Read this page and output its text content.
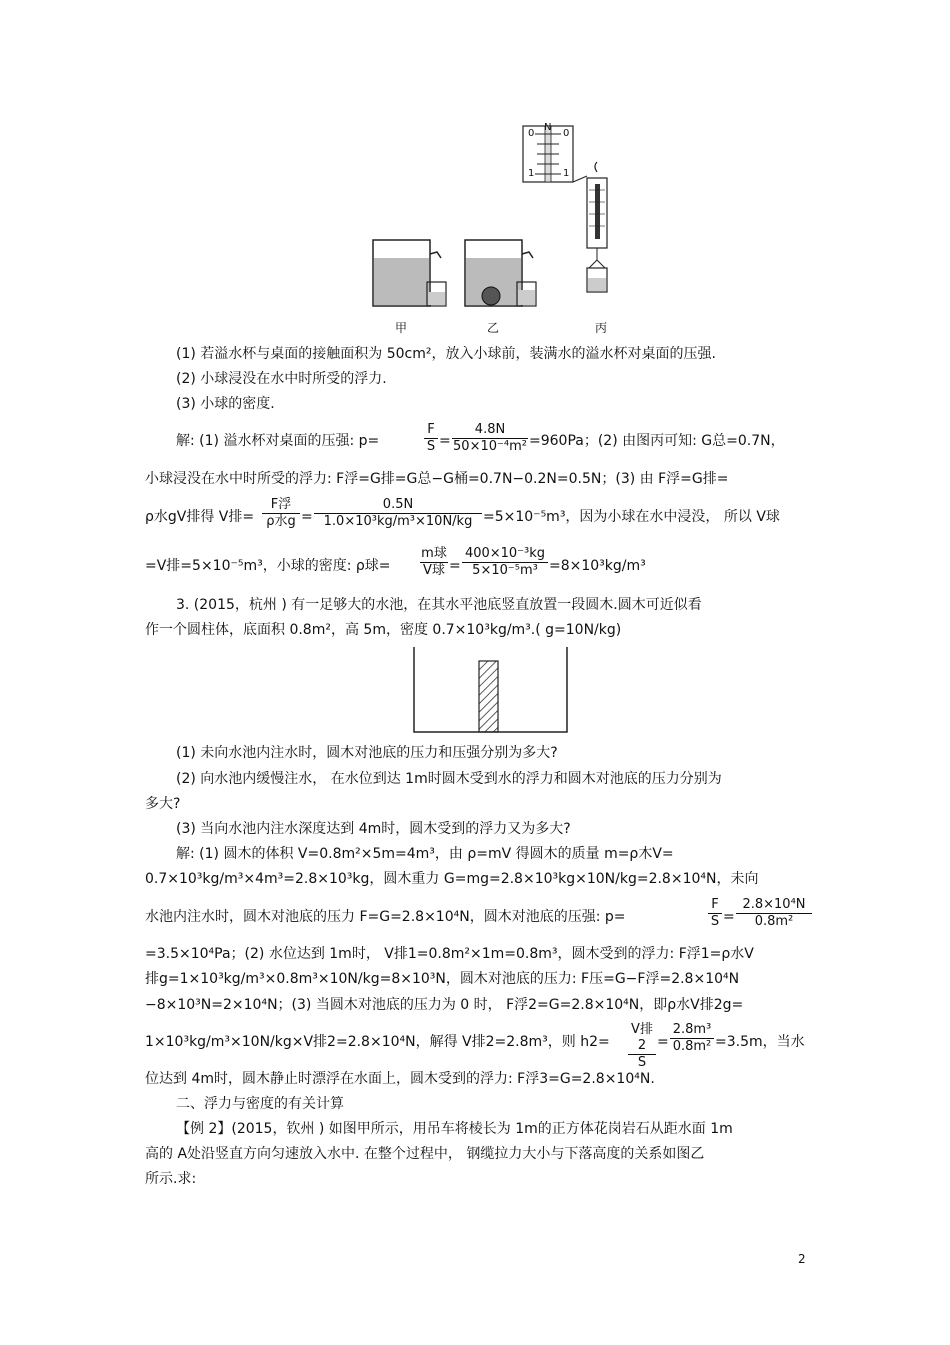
0
N
0
1	1
甲	乙	丙
(1) 若溢水杯与桌面的接触面积为 50cm²，放入小球前，装满水的溢水杯对桌面的压强.
(2) 小球浸没在水中时所受的浮力.
(3) 小球的密度.
解: (1) 溢水杯对桌面的压强: p=	$\frac{F}{S} = \frac{4.8N}{\text{50×10⁻⁴m²}} =960Pa$；(2) 由图丙可知: G总=0.7N，
小球浸没在水中时所受的浮力: F浮=G排=G总−G桶=0.7N−0.2N=0.5N；(3) 由 F浮=G排=
ρ水gV排得 V排=
F浮
ρ水$g = \frac{0.5N}{\text{1.0×10³kg/m³×10N/kg}} =5\times 10^{-5}m^3$，因为小球在水中浸没， 所以 V球
=V排=5×10⁻⁵m³，小球的密度: ρ球=
m球
V球 = $\frac{\text{400×10⁻³kg}}{\text{5×10⁻⁵m³}} =8\times 10^3kg/m^3$
3. (2015，杭州 ) 有一足够大的水池，在其水平池底竖直放置一段圆木.圆木可近似看
作一个圆柱体，底面积 0.8m²，高 5m，密度 0.7×10³kg/m³.( g=10N/kg)
(1) 未向水池内注水时，圆木对池底的压力和压强分别为多大?
(2) 向水池内缓慢注水， 在水位到达 1m时圆木受到水的浮力和圆木对池底的压力分别为
多大?
(3) 当向水池内注水深度达到 4m时，圆木受到的浮力又为多大?
解: (1) 圆木的体积 V=0.8m²×5m=4m³，由 ρ=mV 得圆木的质量 m=ρ木V=
0.7×10³kg/m³×4m³=2.8×10³kg，圆木重力 G=mg=2.8×10³kg×10N/kg=2.8×10⁴N，未向
水池内注水时，圆木对池底的压力 F=G=2.8×10⁴N，圆木对池底的压强: p=	$\frac{F}{S} = \frac{\text{2.8×10⁴N}}{\text{0.8m²}}$
=3.5×10⁴Pa；(2) 水位达到 1m时， V排1=0.8m²×1m=0.8m³，圆木受到的浮力: F浮1=ρ水V
排g=1×10³kg/m³×0.8m³×10N/kg=8×10³N，圆木对池底的压力: F压=G−F浮=2.8×10⁴N
−8×10³N=2×10⁴N；(3) 当圆木对池底的压力为 0 时， F浮2=G=2.8×10⁴N，即ρ水V排2g=
1×10³kg/m³×10N/kg×V排2=2.8×10⁴N，解得 V排2=2.8m³，则 h2=
V排2
S
= $\frac{\text{2.8m³}}{\text{0.8m²}} =3.5m$，当水
位达到 4m时，圆木静止时漂浮在水面上，圆木受到的浮力: F浮3=G=2.8×10⁴N.
二、浮力与密度的有关计算
【例 2】(2015，钦州 ) 如图甲所示，用吊车将棱长为 1m的正方体花岗岩石从距水面 1m
高的 A处沿竖直方向匀速放入水中. 在整个过程中， 钢缆拉力大小与下落高度的关系如图乙
所示.求:
2
